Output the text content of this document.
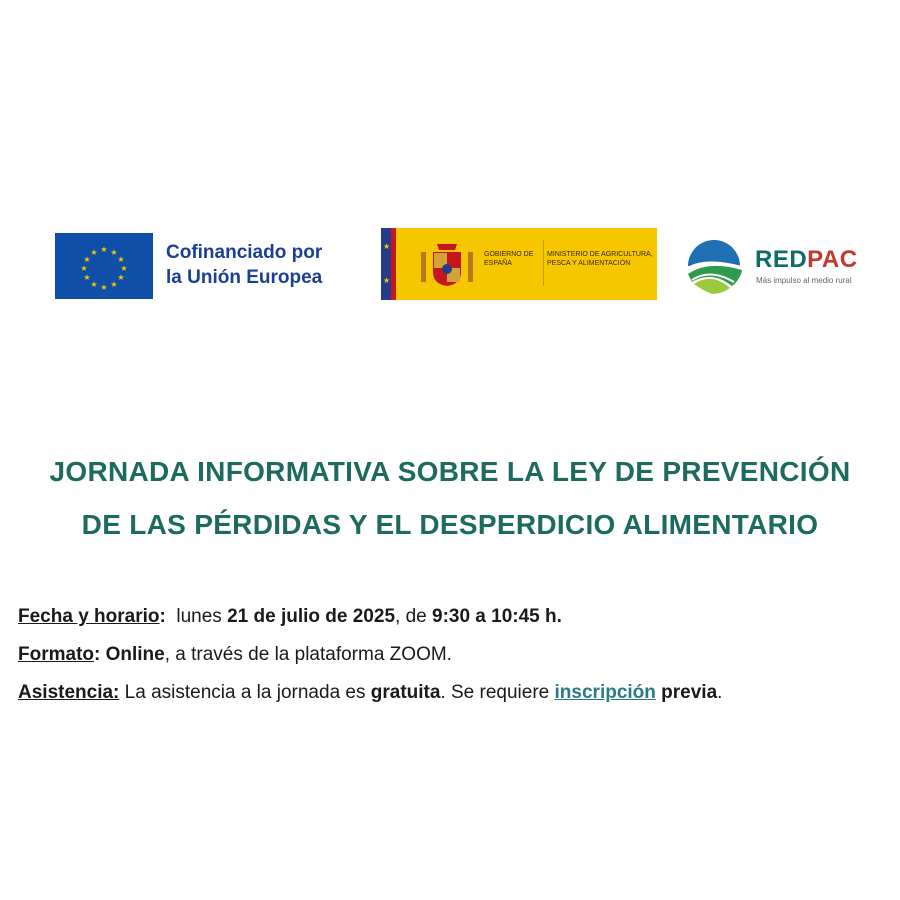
★ ★
★
★
★
★
★
★
★
★
★
★	Cofinanciado por
la Unión Europea
★
★
GOBIERNO DE ESPAÑA
MINISTERIO DE AGRICULTURA, PESCA Y ALIMENTACIÓN	REDPAC
Más impulso al medio rural
JORNADA INFORMATIVA SOBRE LA LEY DE PREVENCIÓN
DE LAS PÉRDIDAS Y EL DESPERDICIO ALIMENTARIO
Fecha y horario:  lunes 21 de julio de 2025, de 9:30 a 10:45 h.
Formato: Online, a través de la plataforma ZOOM.
Asistencia: La asistencia a la jornada es gratuita. Se requiere inscripción previa.
